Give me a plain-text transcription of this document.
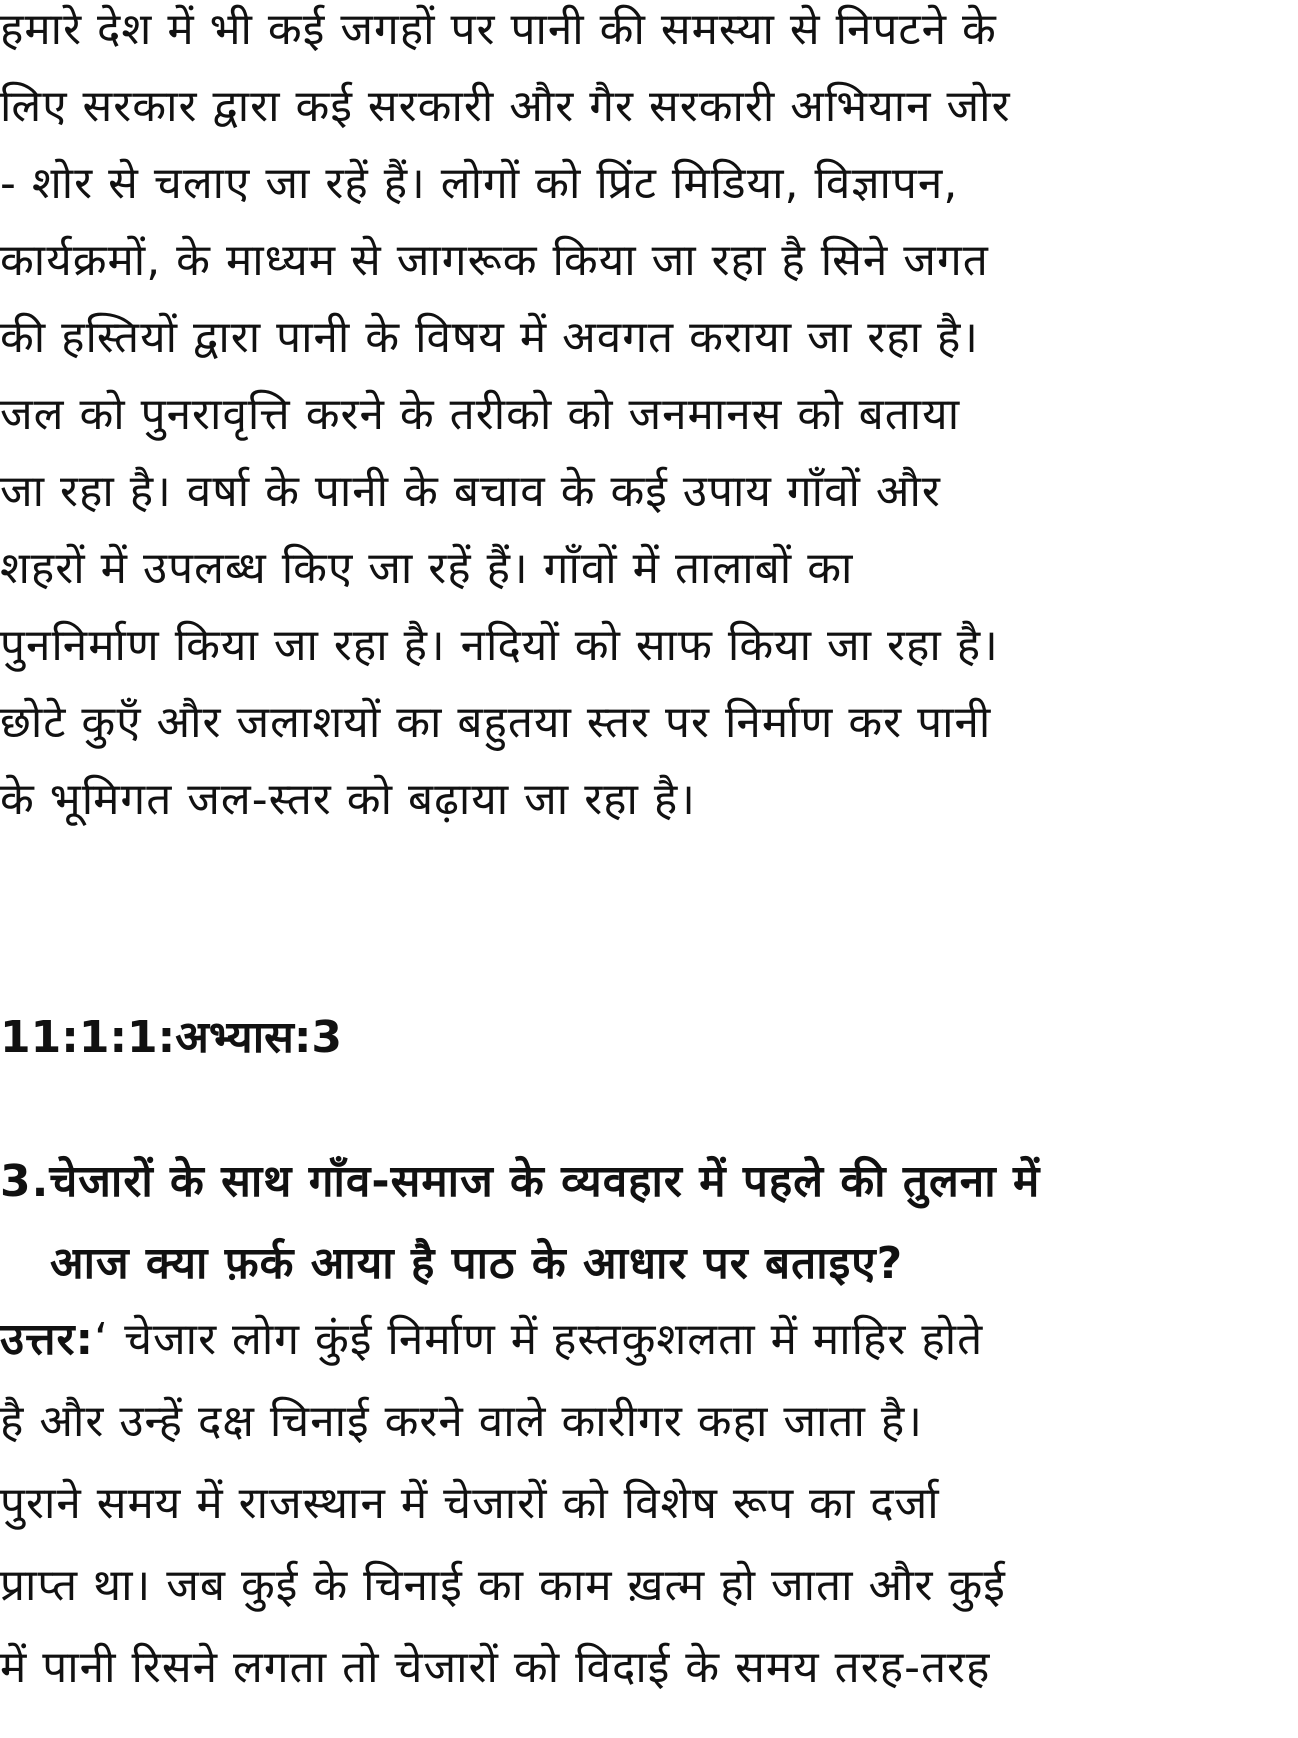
हमारे देश में भी कई जगहों पर पानी की समस्या से निपटने के
लिए सरकार द्वारा कई सरकारी और गैर सरकारी अभियान जोर
- शोर से चलाए जा रहें हैं। लोगों को प्रिंट मिडिया, विज्ञापन,
कार्यक्रमों, के माध्यम से जागरूक किया जा रहा है सिने जगत
की हस्तियों द्वारा पानी के विषय में अवगत कराया जा रहा है।
जल को पुनरावृत्ति करने के तरीको को जनमानस को बताया
जा रहा है। वर्षा के पानी के बचाव के कई उपाय गाँवों और
शहरों में उपलब्ध किए जा रहें हैं। गाँवों में तालाबों का
पुननिर्माण किया जा रहा है। नदियों को साफ किया जा रहा है।
छोटे कुएँ और जलाशयों का बहुतया स्तर पर निर्माण कर पानी
के भूमिगत जल-स्तर को बढ़ाया जा रहा है।
11:1:1:अभ्यास:3
3.चेजारों के साथ गाँव-समाज के व्यवहार में पहले की तुलना में
आज क्या फ़र्क आया है पाठ के आधार पर बताइए?
उत्तर:‘ चेजार लोग कुंई निर्माण में हस्तकुशलता में माहिर होते
है और उन्हें दक्ष चिनाई करने वाले कारीगर कहा जाता है।
पुराने समय में राजस्थान में चेजारों को विशेष रूप का दर्जा
प्राप्त था। जब कुई के चिनाई का काम ख़त्म हो जाता और कुई
में पानी रिसने लगता तो चेजारों को विदाई के समय तरह-तरह
